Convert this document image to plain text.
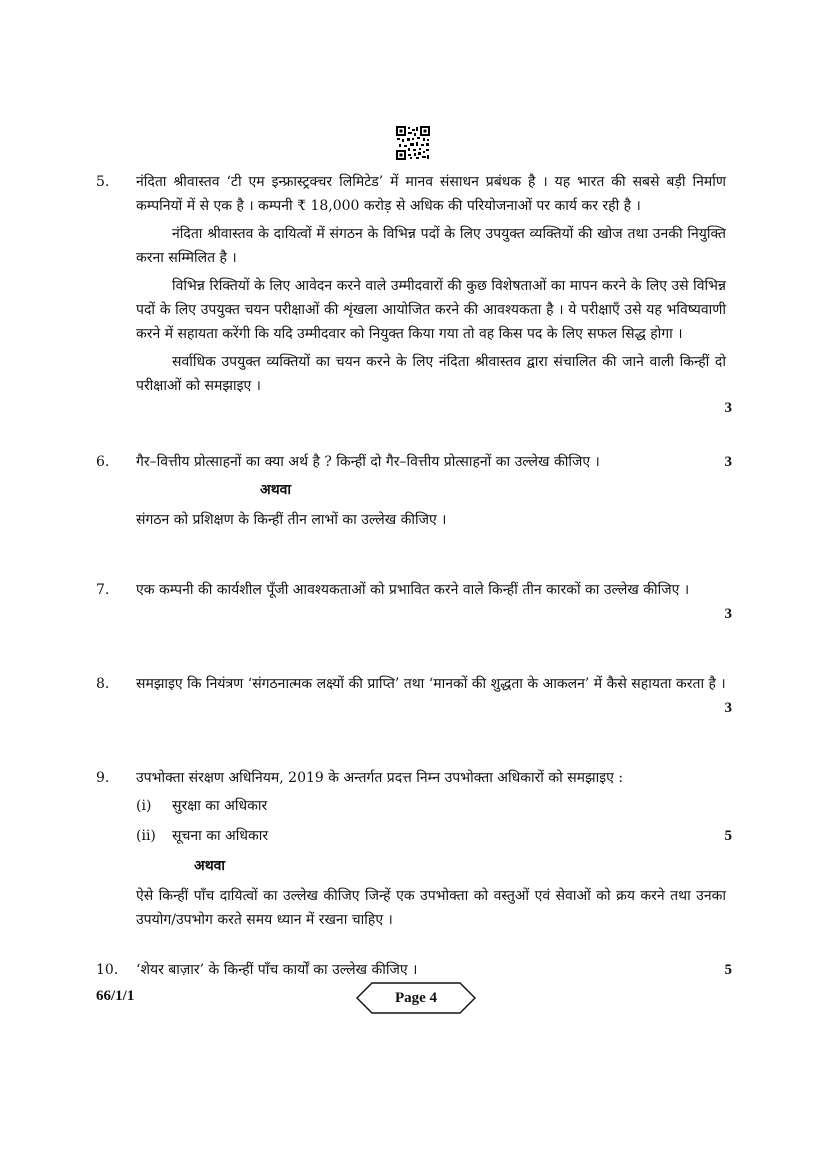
5. नंदिता श्रीवास्तव ‘टी एम इन्फ्रास्ट्रक्चर लिमिटेड’ में मानव संसाधन प्रबंधक है । यह भारत की सबसे बड़ी निर्माण कम्पनियों में से एक है । कम्पनी ₹ 18,000 करोड़ से अधिक की परियोजनाओं पर कार्य कर रही है ।

नंदिता श्रीवास्तव के दायित्वों में संगठन के विभिन्न पदों के लिए उपयुक्त व्यक्तियों की खोज तथा उनकी नियुक्ति करना सम्मिलित है ।

विभिन्न रिक्तियों के लिए आवेदन करने वाले उम्मीदवारों की कुछ विशेषताओं का मापन करने के लिए उसे विभिन्न पदों के लिए उपयुक्त चयन परीक्षाओं की शृंखला आयोजित करने की आवश्यकता है । ये परीक्षाएँ उसे यह भविष्यवाणी करने में सहायता करेंगी कि यदि उम्मीदवार को नियुक्त किया गया तो वह किस पद के लिए सफल सिद्ध होगा ।

सर्वाधिक उपयुक्त व्यक्तियों का चयन करने के लिए नंदिता श्रीवास्तव द्वारा संचालित की जाने वाली किन्हीं दो परीक्षाओं को समझाइए ।

3
6. गैर–वित्तीय प्रोत्साहनों का क्या अर्थ है ? किन्हीं दो गैर–वित्तीय प्रोत्साहनों का उल्लेख कीजिए ।

अथवा

संगठन को प्रशिक्षण के किन्हीं तीन लाभों का उल्लेख कीजिए ।

3
7. एक कम्पनी की कार्यशील पूँजी आवश्यकताओं को प्रभावित करने वाले किन्हीं तीन कारकों का उल्लेख कीजिए ।

3
8. समझाइए कि नियंत्रण ‘संगठनात्मक लक्ष्यों की प्राप्ति’ तथा ‘मानकों की शुद्धता के आकलन’ में कैसे सहायता करता है ।

3
9. उपभोक्ता संरक्षण अधिनियम, 2019 के अन्तर्गत प्रदत्त निम्न उपभोक्ता अधिकारों को समझाइए :

(i)	सुरक्षा का अधिकार
(ii)	सूचना का अधिकार

अथवा

ऐसे किन्हीं पाँच दायित्वों का उल्लेख कीजिए जिन्हें एक उपभोक्ता को वस्तुओं एवं सेवाओं को क्रय करने तथा उनका उपयोग/उपभोग करते समय ध्यान में रखना चाहिए ।

5
10. ‘शेयर बाज़ार’ के किन्हीं पाँच कार्यों का उल्लेख कीजिए ।	5
66/1/1	Page 4
